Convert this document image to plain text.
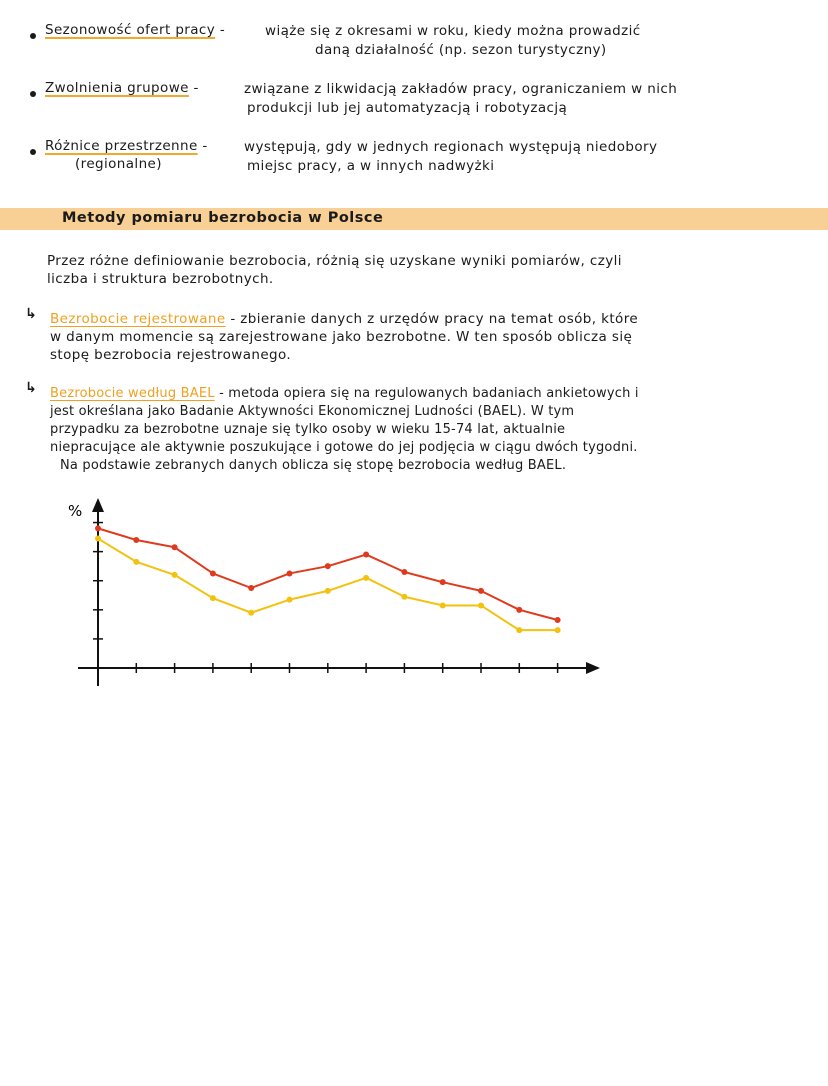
Sezonowość ofert pracy -	wiąże się z okresami w roku, kiedy można prowadzić
daną działalność (np. sezon turystyczny)
Zwolnienia grupowe -	związane z likwidacją zakładów pracy, ograniczaniem w nich
produkcji lub jej automatyzacją i robotyzacją
Różnice przestrzenne -
(regionalne)
występują, gdy w jednych regionach występują niedobory
miejsc pracy, a w innych nadwyżki
Metody pomiaru bezrobocia w Polsce
Przez różne definiowanie bezrobocia, różnią się uzyskane wyniki pomiarów, czyli
liczba i struktura bezrobotnych.
↳ Bezrobocie rejestrowane - zbieranie danych z urzędów pracy na temat osób, które
w danym momencie są zarejestrowane jako bezrobotne. W ten sposób oblicza się
stopę bezrobocia rejestrowanego.
↳ Bezrobocie według BAEL - metoda opiera się na regulowanych badaniach ankietowych i
jest określana jako Badanie Aktywności Ekonomicznej Ludności (BAEL). W tym
przypadku za bezrobotne uznaje się tylko osoby w wieku 15-74 lat, aktualnie
niepracujące ale aktywnie poszukujące i gotowe do jej podjęcia w ciągu dwóch tygodni.
Na podstawie zebranych danych oblicza się stopę bezrobocia według BAEL.
%
